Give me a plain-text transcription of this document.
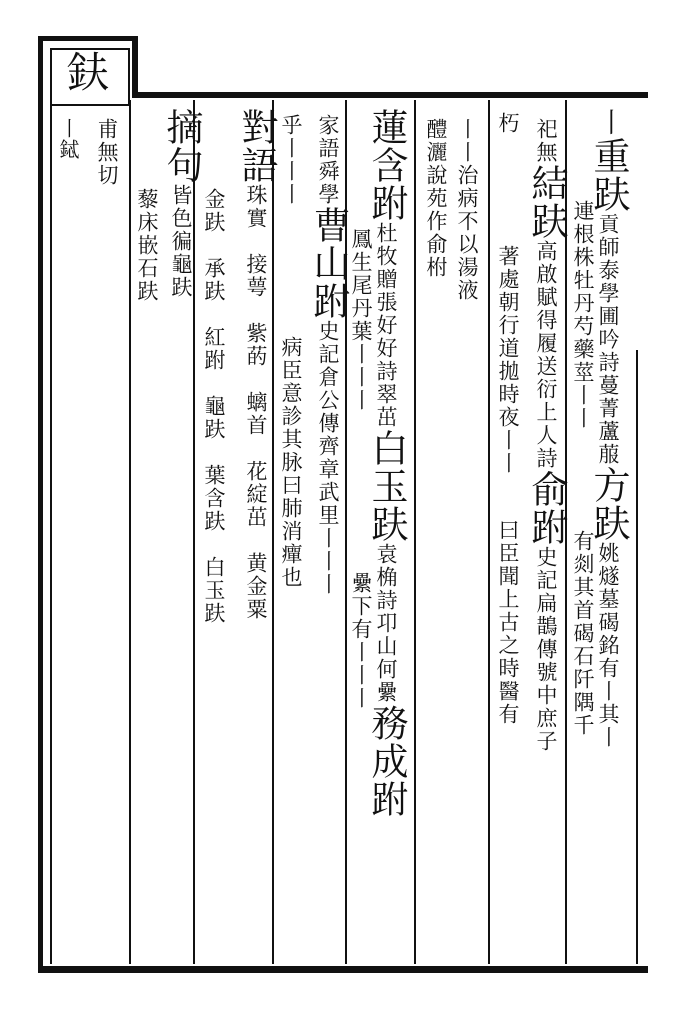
鈇
丨鋱	丨重趺貢師泰學圃吟詩蔓菁蘆菔方趺姚燧墓碣銘有丨其丨
連根株牡丹芍藥莖丨丨有剡其首碣石阡隅千
祀無結趺高啟賦得履送衍上人詩俞跗史記扁鵲傳號中庶子
朽著處朝行道拋時夜丨丨曰臣聞上古之時醫有
丨丨治病不以湯液
醴灑說苑作俞柎
蓮含跗杜牧贈張好好詩翠茁白玉趺袁桷詩卭山何纍務成跗
鳳生尾丹葉丨丨丨纍下有丨丨丨
家語舜學曹山跗史記倉公傳齊章武里丨丨丨
乎丨丨丨病臣意診其脉曰肺消癉也
對語珠實　接萼　紫菂　螭首　花綻茁　黄金粟
金趺　承趺　紅跗　龜趺　葉含趺　白玉趺
摘句皆色徧龜趺
藜床嵌石趺
甫無切
